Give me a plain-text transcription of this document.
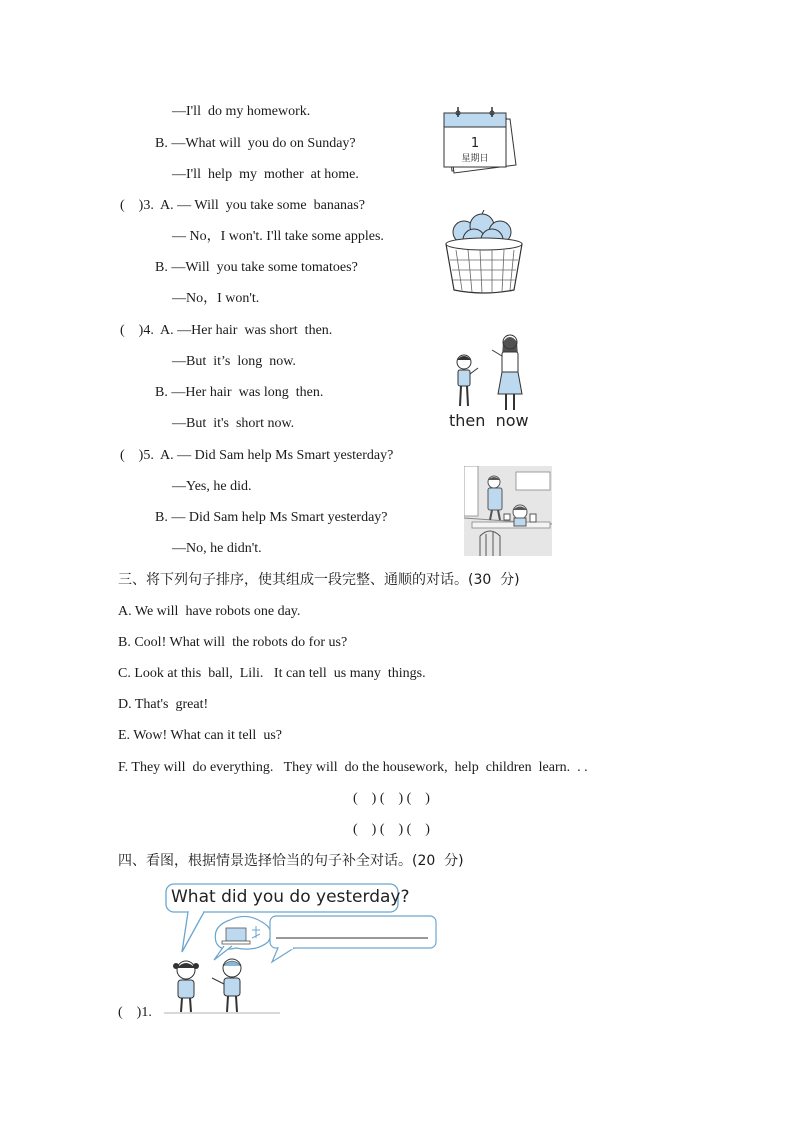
—I'll  do my homework.
B. —What will  you do on Sunday?
—I'll  help  my  mother  at home.
1
星期日
(    )3.  A. — Will  you take some  bananas?
— No，I won't. I'll take some apples.
B. —Will  you take some tomatoes?
—No，I won't.
(    )4.  A. —Her hair  was short  then.
—But  it’s  long  now.
B. —Her hair  was long  then.
—But  it's  short now.	then  now
(    )5.  A. — Did Sam help Ms Smart yesterday?
—Yes, he did.
B. — Did Sam help Ms Smart yesterday?
—No, he didn't.
三、将下列句子排序，使其组成一段完整、通顺的对话。(30  分)
A. We will  have robots one day.
B. Cool! What will  the robots do for us?
C. Look at this  ball,  Lili.   It can tell  us many  things.
D. That's  great!
E. Wow! What can it tell  us?
F. They will  do everything.   They will  do the housework,  help  children  learn.  . .
(    ) (    ) (    )
(    ) (    ) (    )
四、看图，根据情景选择恰当的句子补全对话。(20  分)
What did you do yesterday?
(    )1.
